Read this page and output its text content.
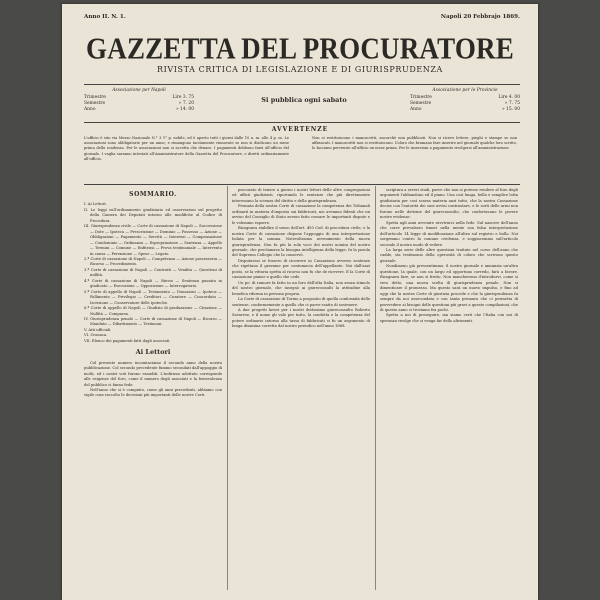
Anno II. N. 1.	Napoli 20 Febbrajo 1869.
GAZZETTA DEL PROCURATORE
RIVISTA CRITICA DI LEGISLAZIONE E DI GIURISPRUDENZA
Associazione per Napoli
Trimestre	Lire 3. 75
Semestre	» 7. 20
Anno	» 14. 00
Si pubblica ogni sabato
Associazione per le Provincie
Trimestre	Lire 4. 00
Semestre	» 7. 75
Anno	» 15. 00
AVVERTENZE
L'ufficio è sito via Mezzo Nazionale N.° 3 1° p. nobile, ed è aperto tutti i giorni dalle 10 a. m. alle 4 p. m. Le associazioni sono obbligatorie per un anno; e rimangono tacitamente rinnovate se non si disdicono un mese prima della scadenza. Per le associazioni non si accetta che denaro. I pagamenti debbono farsi all'ufficio del giornale. I vaglia saranno intestati all'Amministratore della Gazzetta del Procuratore, o diretti ordinariamente all'ufficio.
Non si restituiscono i manoscritti, ancorchè non pubblicati. Non si riceve lettere, pieghi e stampe se non affrancati. I manoscritti non si restituiscono. Coloro che bramano fare inserire nel giornale qualche loro scritto, lo facciano pervenire all'ufficio un mese prima. Per le inserzioni a pagamento rivolgersi all'amministrazione.
SOMMARIO.

I. Ai Lettori.

II. Le leggi sull'ordinamento giudiziario ed osservazioni sul progetto della Camera dei Deputati intorno alle modifiche al Codice di Procedura.

III. Giurisprudenza civile — Corte di cassazione di Napoli — Successione — Dote — Ipoteca — Prescrizione — Dominio — Possesso — Azione — Obbligazioni — Pagamento — Servitù — Interessi — Compensazione — Condominio — Ordinanza — Espropriazione — Sentenza — Appello — Termini — Comune — Enfiteusi — Prova testimoniale — Intervento in causa — Perenzione — Spese — Legato.

2.ª Corte di cassazione di Napoli — Competenza — Azione possessoria — Ricorso — Procedimento.

3.ª Corte di cassazione di Napoli — Contratti — Vendita — Questioni di nullità.

4.ª Corte di cassazione di Napoli — Rinvio — Sentenza passata in giudicato — Esecuzione — Opposizione — Interrogatorio.

5.ª Corte di appello di Napoli — Testamento — Donazioni — Ipoteca — Fallimento — Privilegio — Creditori — Curatore — Concordato — Iscrizione — Conservatore delle ipoteche.

6.ª Corte di appello di Napoli — Giudizio di graduazione — Citazione — Nullità — Comparsa.

IV. Giurisprudenza penale — Corte di cassazione di Napoli — Ricorso — Mandato — Dibattimento — Testimoni.

V. Atti ufficiali.

VI. Cronaca.

VII. Elenco dei pagamenti fatti dagli associati.

Ai Lettori

Col presente numero incominciamo il secondo anno della nostra pubblicazione. Col secondo precedente fummo secondati dall'appoggio di molti, ed i nostri voti furono esauditi. L'indirizzo adottato corrisponde alle esigenze del foro, come il numero degli associati e la benevolenza del pubblico ci fanno fede.

Nell'anno che si è compiuto, come gli anni precedenti, abbiamo con vigile cura raccolto le decisioni più importanti delle nostre Corti.

procurato di tenere a giorno i nostri lettori delle altre congregazioni ed ufficii giudiziarii, riportando le sentenze che più direttamente interessano la scienza del diritto e della giurisprudenza.

Fermata della nostra Corte di cassazione la competenza dei Tribunali ordinarii in materia d'imposta sui fabbricati, noi avemmo fidenti che un avviso del Consiglio di Stato avesse fatto cessare le importanti dispute e le volemmo esporre.

Bisognava stabilire il senso dell'art. 493 Cod. di procedura civile, e la nostra Corte di cassazione dispone l'appoggio di una interpretazione lodata per la somma. Notevolissimo avvenimento della nuova giurisprudenza. Non fu più la sola voce dei nostri uomini del nostro giornale, che proclamava la bisogna intelligenza della legge, fu la parola del Supremo Collegio che la conservò.

Disputavasi se fossero di ricorrere in Cassazione avverso sentenze che rigettano il gravame per contumacia dell'appellante. Noi dall'anzi posto, se la vittoria spetta al ricorso non fu che de ricevere. E la Corte di cassazione pianse a quello che cede.

Un po' di rumore fa fatto in un foro dell'alta Italia, non senza stimolo del nostro giornale, che insegnò ai giureconsulti la attitudine alla benefica riforma in persona propria.

La Corte di cassazione di Torino a proposito di quella conformità delle sentenze, conformemente a quello che ci parve esatto di sostenere.

A due progetti lavori per i nostri dottissimo giureconsulto Roberto Savarese, e il nome gli vale per tutto, la condotta e la competenza del potere ordinario intorno alla tassa di fabbricati ci fu un argomento di lunga disamina corretta dal nostro periodico nell'anno 1868.

scriptura a severi studi, parve che non si potesse rendere al foro degli argomenti l'abbandono ed il piano. Una così lunga, bella e semplice lotta giudiziaria per così scarsa materia anzi tutto, che la nostra Cassazione decise con l'autorità dei suoi avvisi contrastare, e le sorti delle armi non furono nelle dottrine del giureconsulto, che confortavano le povere nostre evidenze.

Spetta agli anni avvenire ravvivarci nella fede. Sul nascere dell'anno che corre prevalsero timori nella mente sua falsa interpretazione dell'articolo 14 legge di modificazione all'altra sul registro e bollo. Noi sorgemmo contro la comune credenza, e soggiacemmo sull'articolo secondo il nostro modo di vedere.

La larga serie delle altre questioni trattate nel corso dell'anno che cadde, sta testimonio della operosità di coloro che scrivono questo giornale.

Nondimeno già pressentimmo, il nostro giornale e annunzia un'altra questione, la quale, con un largo ed opportuno corredo, farà a favore. Bisognava fare, se non si frutto. Non mancheremo d'introdurvi, come si vien detto, una nuova scelta di giurisprudenza penale. Non si dimenticare il promesso. Ma questo sarà un nuovo impulso, e fino ad oggi che la nostra Corte di giustizia procede e che la giurisprudenza fu sempre da noi assecondata e con tanta premura che ci permetta di provvedere ai bisogni delle questioni più gravi a queste compilazioni, che di questo anno ci troviamo fra pochi.

Spetta a noi di proseguire, ma siamo certi che l'Italia con noi di speranza rivolge che si venga far dello altrimenti.
